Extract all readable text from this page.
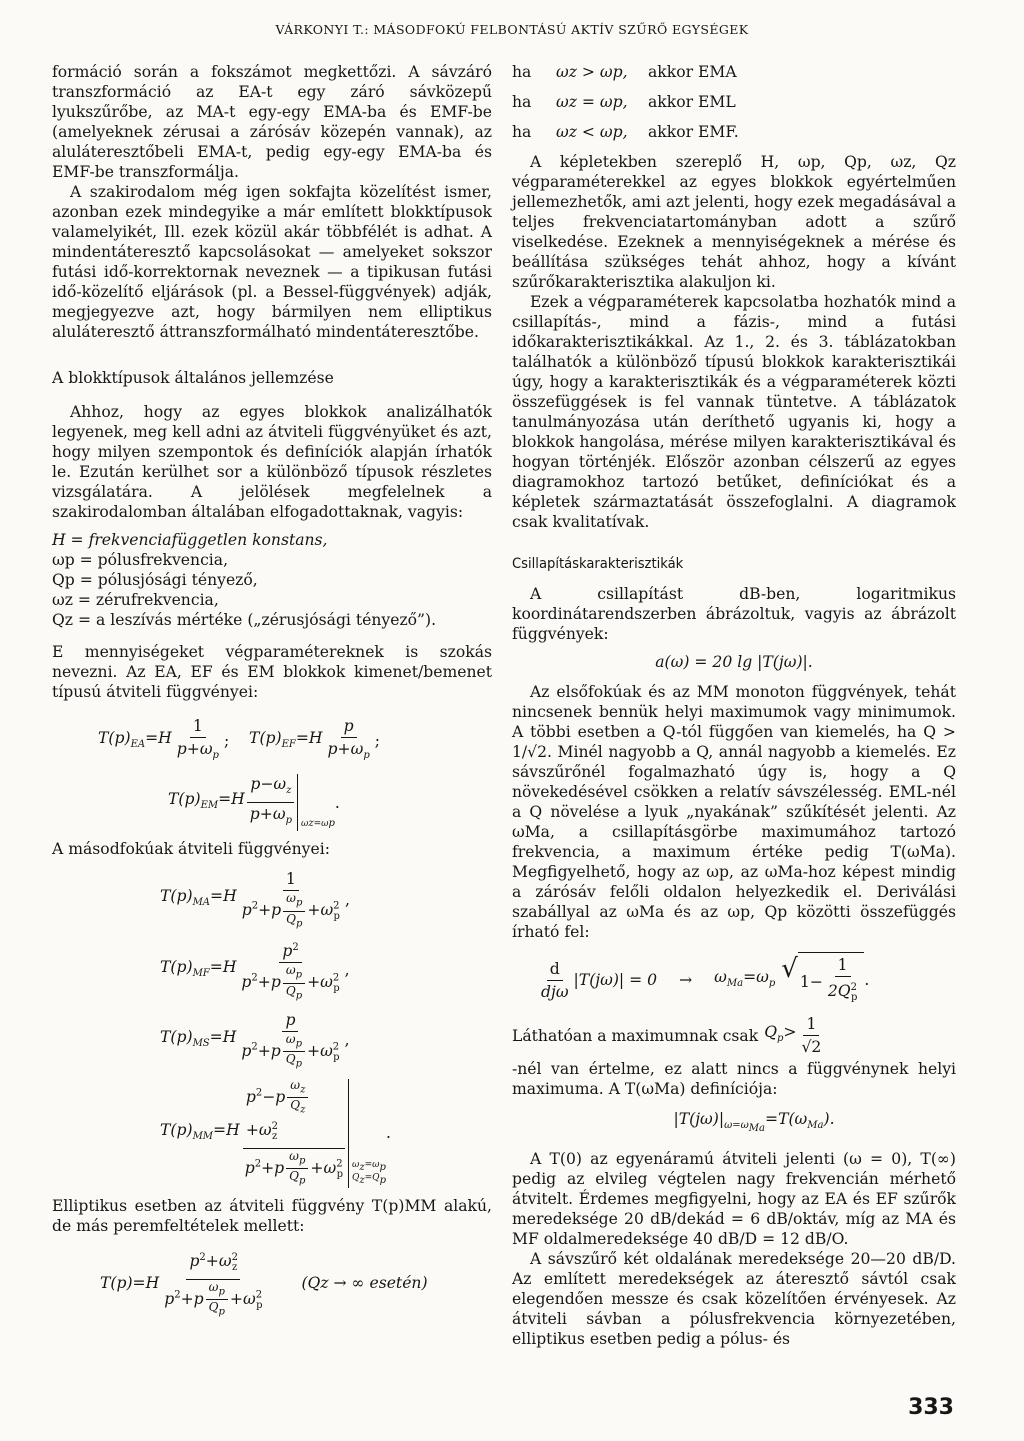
VÁRKONYI T.: MÁSODFOKÚ FELBONTÁSÚ AKTÍV SZŰRŐ EGYSÉGEK

formáció során a fokszámot megkettőzi. A sávzáró transzformáció az EA-t egy záró sávközepű lyukszűrőbe, az MA-t egy-egy EMA-ba és EMF-be (amelyeknek zérusai a zárósáv közepén vannak), az aluláteresztőbeli EMA-t, pedig egy-egy EMA-ba és EMF-be transzformálja.

A szakirodalom még igen sokfajta közelítést ismer, azonban ezek mindegyike a már említett blokktípusok valamelyikét, Ill. ezek közül akár többfélét is adhat. A mindentáteresztő kapcsolásokat — amelyeket sokszor futási idő-korrektornak neveznek — a tipikusan futási idő-közelítő eljárások (pl. a Bessel-függvények) adják, megjegyezve azt, hogy bármilyen nem elliptikus aluláteresztő áttranszformálható mindentáteresztőbe.

A blokktípusok általános jellemzése

Ahhoz, hogy az egyes blokkok analizálhatók legyenek, meg kell adni az átviteli függvényüket és azt, hogy milyen szempontok és definíciók alapján írhatók le. Ezután kerülhet sor a különböző típusok részletes vizsgálatára. A jelölések megfelelnek a szakirodalomban általában elfogadottaknak, vagyis:

H = frekvenciafüggetlen konstans,
ωp = pólusfrekvencia,
Qp = pólusjósági tényező,
ωz = zérufrekvencia,
Qz = a leszívás mértéke („zérusjósági tényező”).

E mennyiségeket végparamétereknek is szokás nevezni. Az EA, EF és EM blokkok kimenet/bemenet típusú átviteli függvényei:

$T(p)_{EA}=H \frac{1}{p+\omega_p}$ ; $T(p)_{EF}=H \frac{p}{p+\omega_p}$ ;
$T(p)_{EM}=H \frac{p-\omega_z}{p+\omega_p}$ ω z =ω p
.

A másodfokúak átviteli függvényei:

$T(p)_{MA}=H \frac{1}{p^2+p \frac{\omega_p}{Q_p} +\omega^2_p}$ ,
$T(p)_{MF}=H \frac{p^2}{p^2+p \frac{\omega_p}{Q_p} +\omega^2_p}$ ,
$T(p)_{MS}=H \frac{p}{p^2+p \frac{\omega_p}{Q_p} +\omega^2_p}$ ,
$T(p)_{MM}=H$ $p^2-p \frac{\omega_z}{Q_z}$
$+\omega^2_z$
$p^2+p \frac{\omega_p}{Q_p} +\omega^2_p$ $\omega_z=\omega_p$
$Q_z=Q_p$
.

Elliptikus esetben az átviteli függvény T(p)MM alakú, de más peremfeltételek mellett:

$T(p)=H \frac{p^2+\omega^2_z}{p^2+p \frac{\omega_p}{Q_p} +\omega^2_p} (Qz$ → ∞ esetén)
ha	ωz > ωp,	akkor EMA
ha	ωz = ωp,	akkor EML
ha	ωz < ωp,	akkor EMF.

A képletekben szereplő H, ωp, Qp, ωz, Qz végparaméterekkel az egyes blokkok egyértelműen jellemezhetők, ami azt jelenti, hogy ezek megadásával a teljes frekvenciatartományban adott a szűrő viselkedése. Ezeknek a mennyiségeknek a mérése és beállítása szükséges tehát ahhoz, hogy a kívánt szűrőkarakterisztika alakuljon ki.

Ezek a végparaméterek kapcsolatba hozhatók mind a csillapítás-, mind a fázis-, mind a futási időkarakterisztikákkal. Az 1., 2. és 3. táblázatokban találhatók a különböző típusú blokkok karakterisztikái úgy, hogy a karakterisztikák és a végparaméterek közti összefüggések is fel vannak tüntetve. A táblázatok tanulmányozása után deríthető ugyanis ki, hogy a blokkok hangolása, mérése milyen karakterisztikával és hogyan történjék. Először azonban célszerű az egyes diagramokhoz tartozó betűket, definíciókat és a képletek származtatását összefoglalni. A diagramok csak kvalitatívak.

Csillapításkarakterisztikák

A csillapítást dB-ben, logaritmikus koordinátarendszerben ábrázoltuk, vagyis az ábrázolt függvények:

a(ω) = 20 lg |T(jω)|.

Az elsőfokúak és az MM monoton függvények, tehát nincsenek bennük helyi maximumok vagy minimumok. A többi esetben a Q-tól függően van kiemelés, ha Q > 1/√2. Minél nagyobb a Q, annál nagyobb a kiemelés. Ez sávszűrőnél fogalmazható úgy is, hogy a Q növekedésével csökken a relatív sávszélesség. EML-nél a Q növelése a lyuk „nyakának” szűkítését jelenti. Az ωMa, a csillapításgörbe maximumához tartozó frekvencia, a maximum értéke pedig T(ωMa). Megfigyelhető, hogy az ωp, az ωMa-hoz képest mindig a zárósáv felőli oldalon helyezkedik el. Deriválási szabállyal az ωMa és az ωp, Qp közötti összefüggés írható fel:

$\frac{d}{\text{djω}} |T(j\omega)| = 0 \to \omega_{Ma}=\omega_p$ √ $1- \frac{1}{2Q^2_p}$ .
Láthatóan a maximumnak csak $Q_p> \frac{1}{√2}$

-nél van értelme, ez alatt nincs a függvénynek helyi maximuma. A T(ωMa) definíciója:

$|T(j\omega)|_{\omega=\omega_{Ma}}=T(\omega_{Ma})$.

A T(0) az egyenáramú átviteli jelenti (ω = 0), T(∞) pedig az elvileg végtelen nagy frekvencián mérhető átvitelt. Érdemes megfigyelni, hogy az EA és EF szűrők meredeksége 20 dB/dekád = 6 dB/oktáv, míg az MA és MF oldalmeredeksége 40 dB/D = 12 dB/O.

A sávszűrő két oldalának meredeksége 20—20 dB/D. Az említett meredekségek az áteresztő sávtól csak elegendően messze és csak közelítően érvényesek. Az átviteli sávban a pólusfrekvencia környezetében, elliptikus esetben pedig a pólus- és

333
